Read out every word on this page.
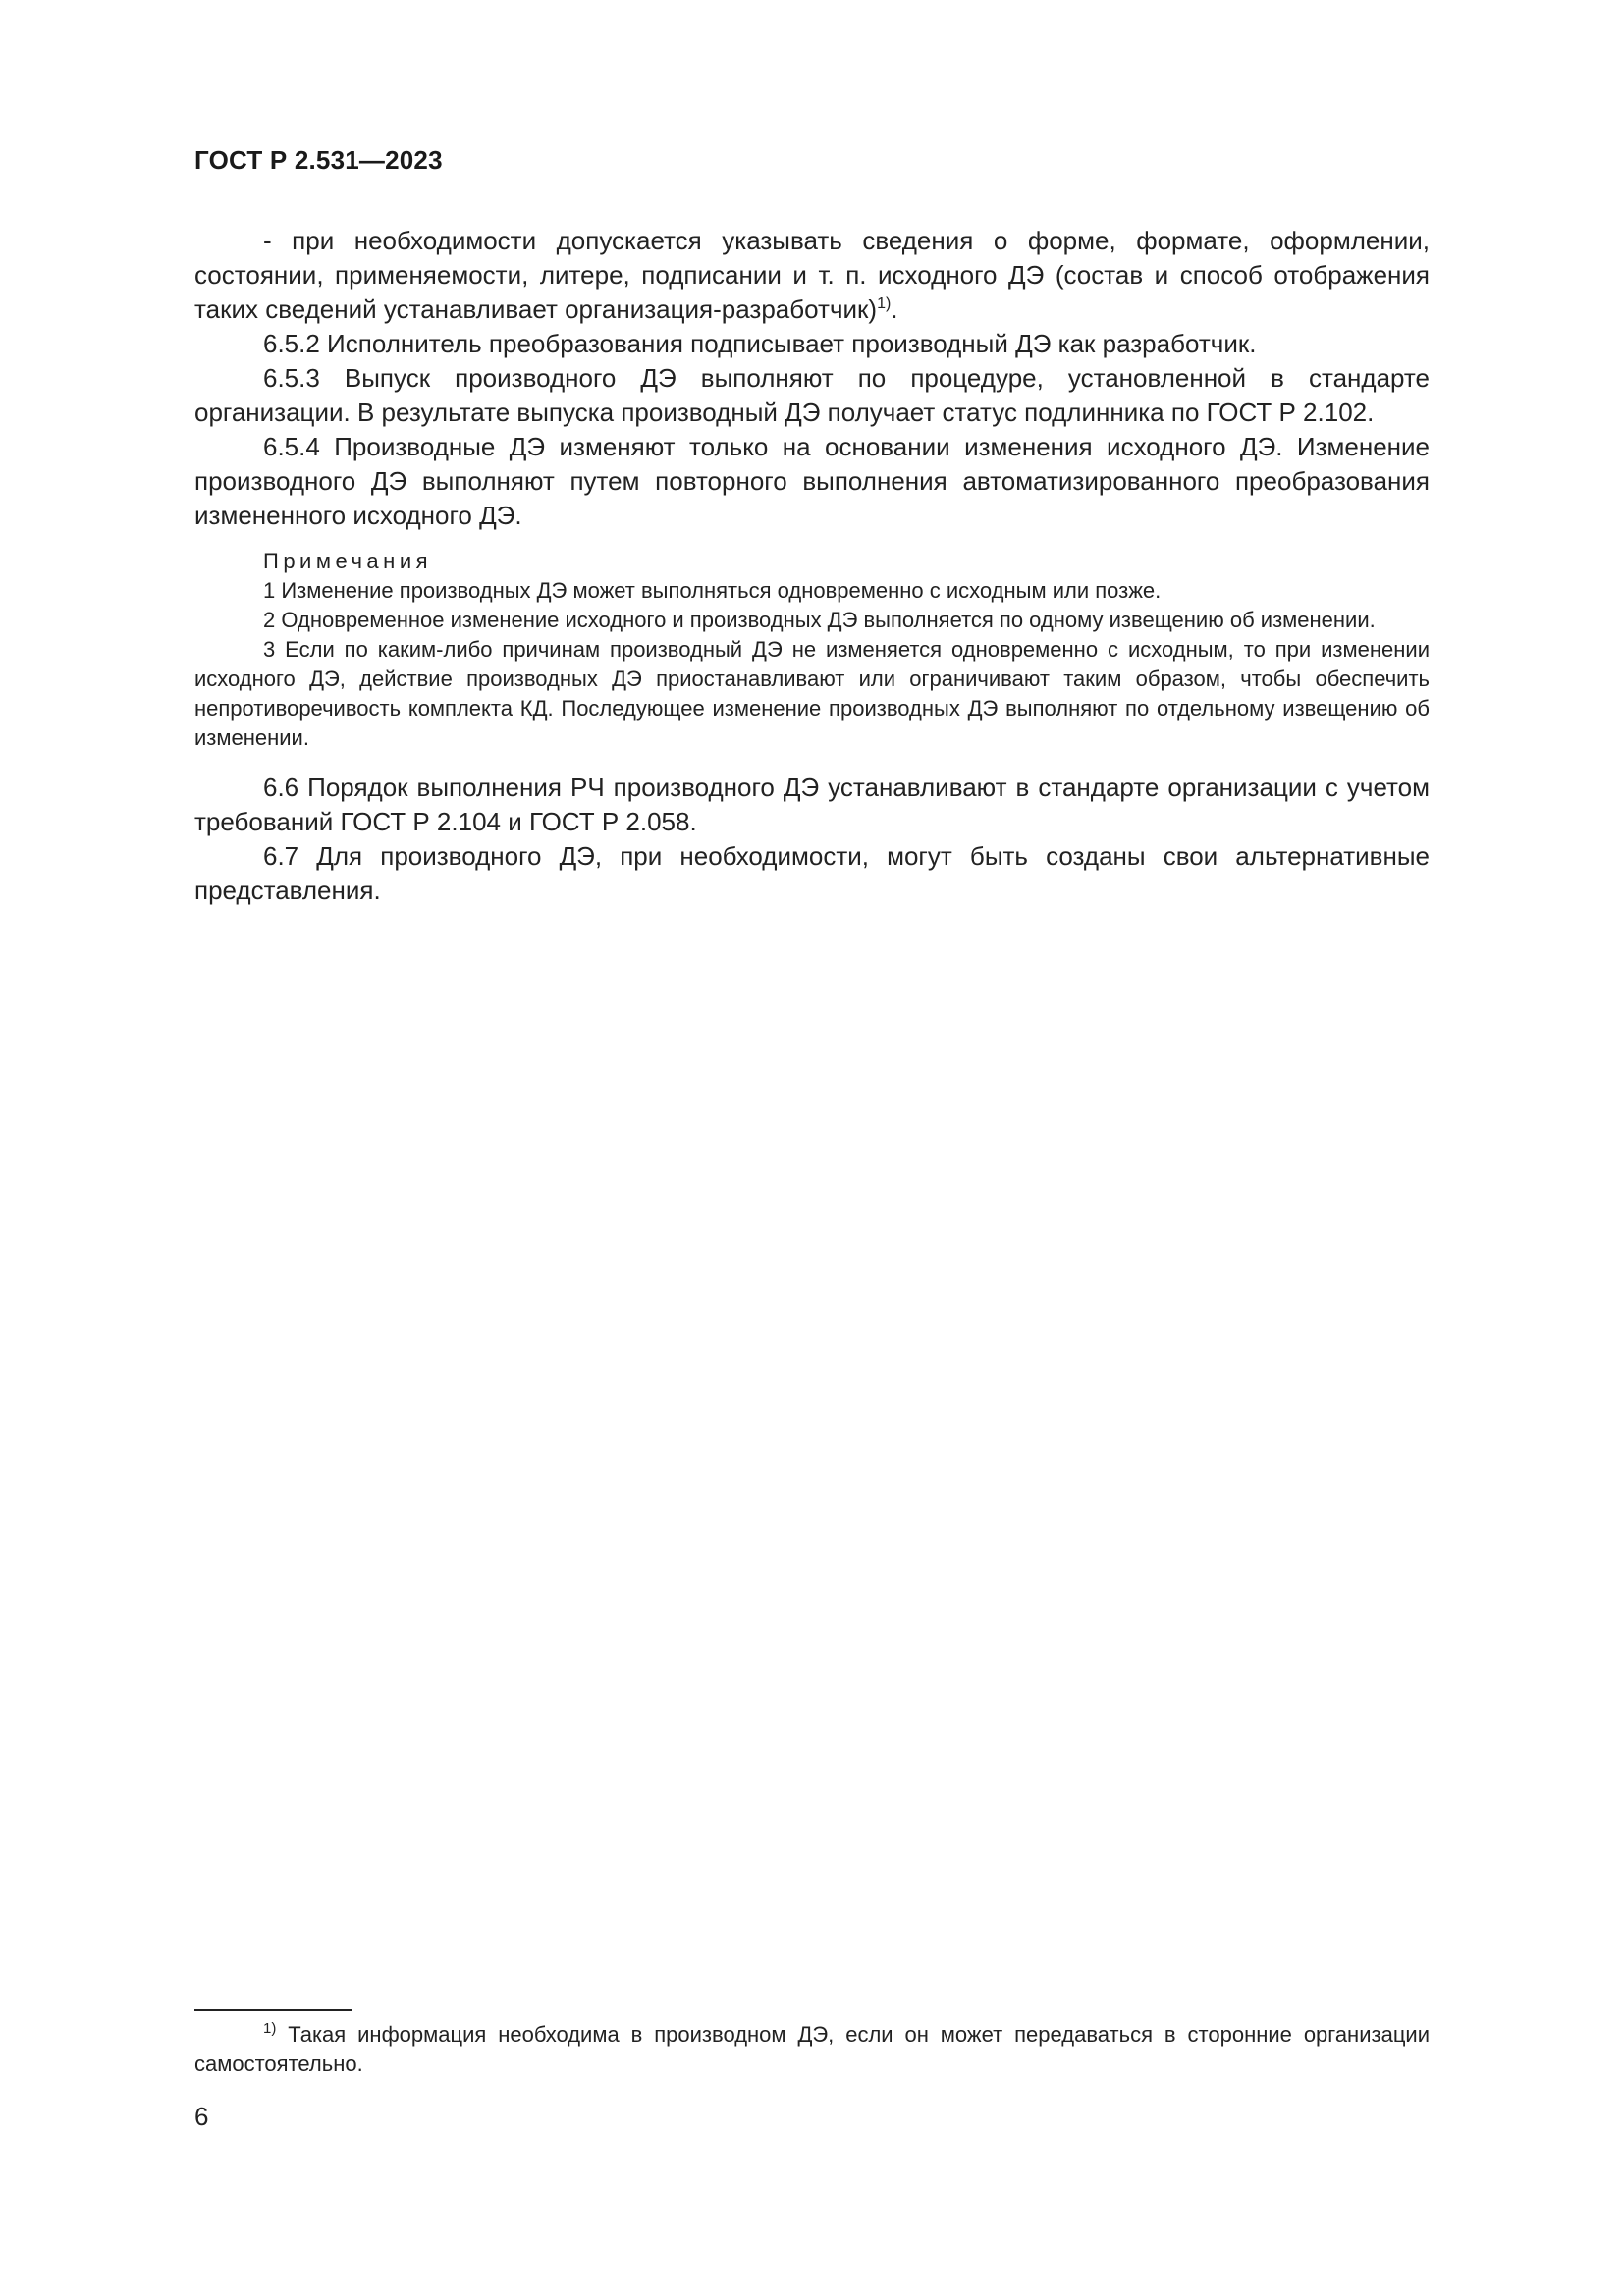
ГОСТ Р 2.531—2023

- при необходимости допускается указывать сведения о форме, формате, оформлении, состоянии, применяемости, литере, подписании и т. п. исходного ДЭ (состав и способ отображения таких сведений устанавливает организация-разработчик)$^{1)}$.

6.5.2 Исполнитель преобразования подписывает производный ДЭ как разработчик.

6.5.3 Выпуск производного ДЭ выполняют по процедуре, установленной в стандарте организации. В результате выпуска производный ДЭ получает статус подлинника по ГОСТ Р 2.102.

6.5.4 Производные ДЭ изменяют только на основании изменения исходного ДЭ. Изменение производного ДЭ выполняют путем повторного выполнения автоматизированного преобразования измененного исходного ДЭ.

Примечания

1 Изменение производных ДЭ может выполняться одновременно с исходным или позже.

2 Одновременное изменение исходного и производных ДЭ выполняется по одному извещению об изменении.

3 Если по каким-либо причинам производный ДЭ не изменяется одновременно с исходным, то при изменении исходного ДЭ, действие производных ДЭ приостанавливают или ограничивают таким образом, чтобы обеспечить непротиворечивость комплекта КД. Последующее изменение производных ДЭ выполняют по отдельному извещению об изменении.

6.6 Порядок выполнения РЧ производного ДЭ устанавливают в стандарте организации с учетом требований ГОСТ Р 2.104 и ГОСТ Р 2.058.

6.7 Для производного ДЭ, при необходимости, могут быть созданы свои альтернативные представления.

$^{1)}$ Такая информация необходима в производном ДЭ, если он может передаваться в сторонние организации самостоятельно.

6
